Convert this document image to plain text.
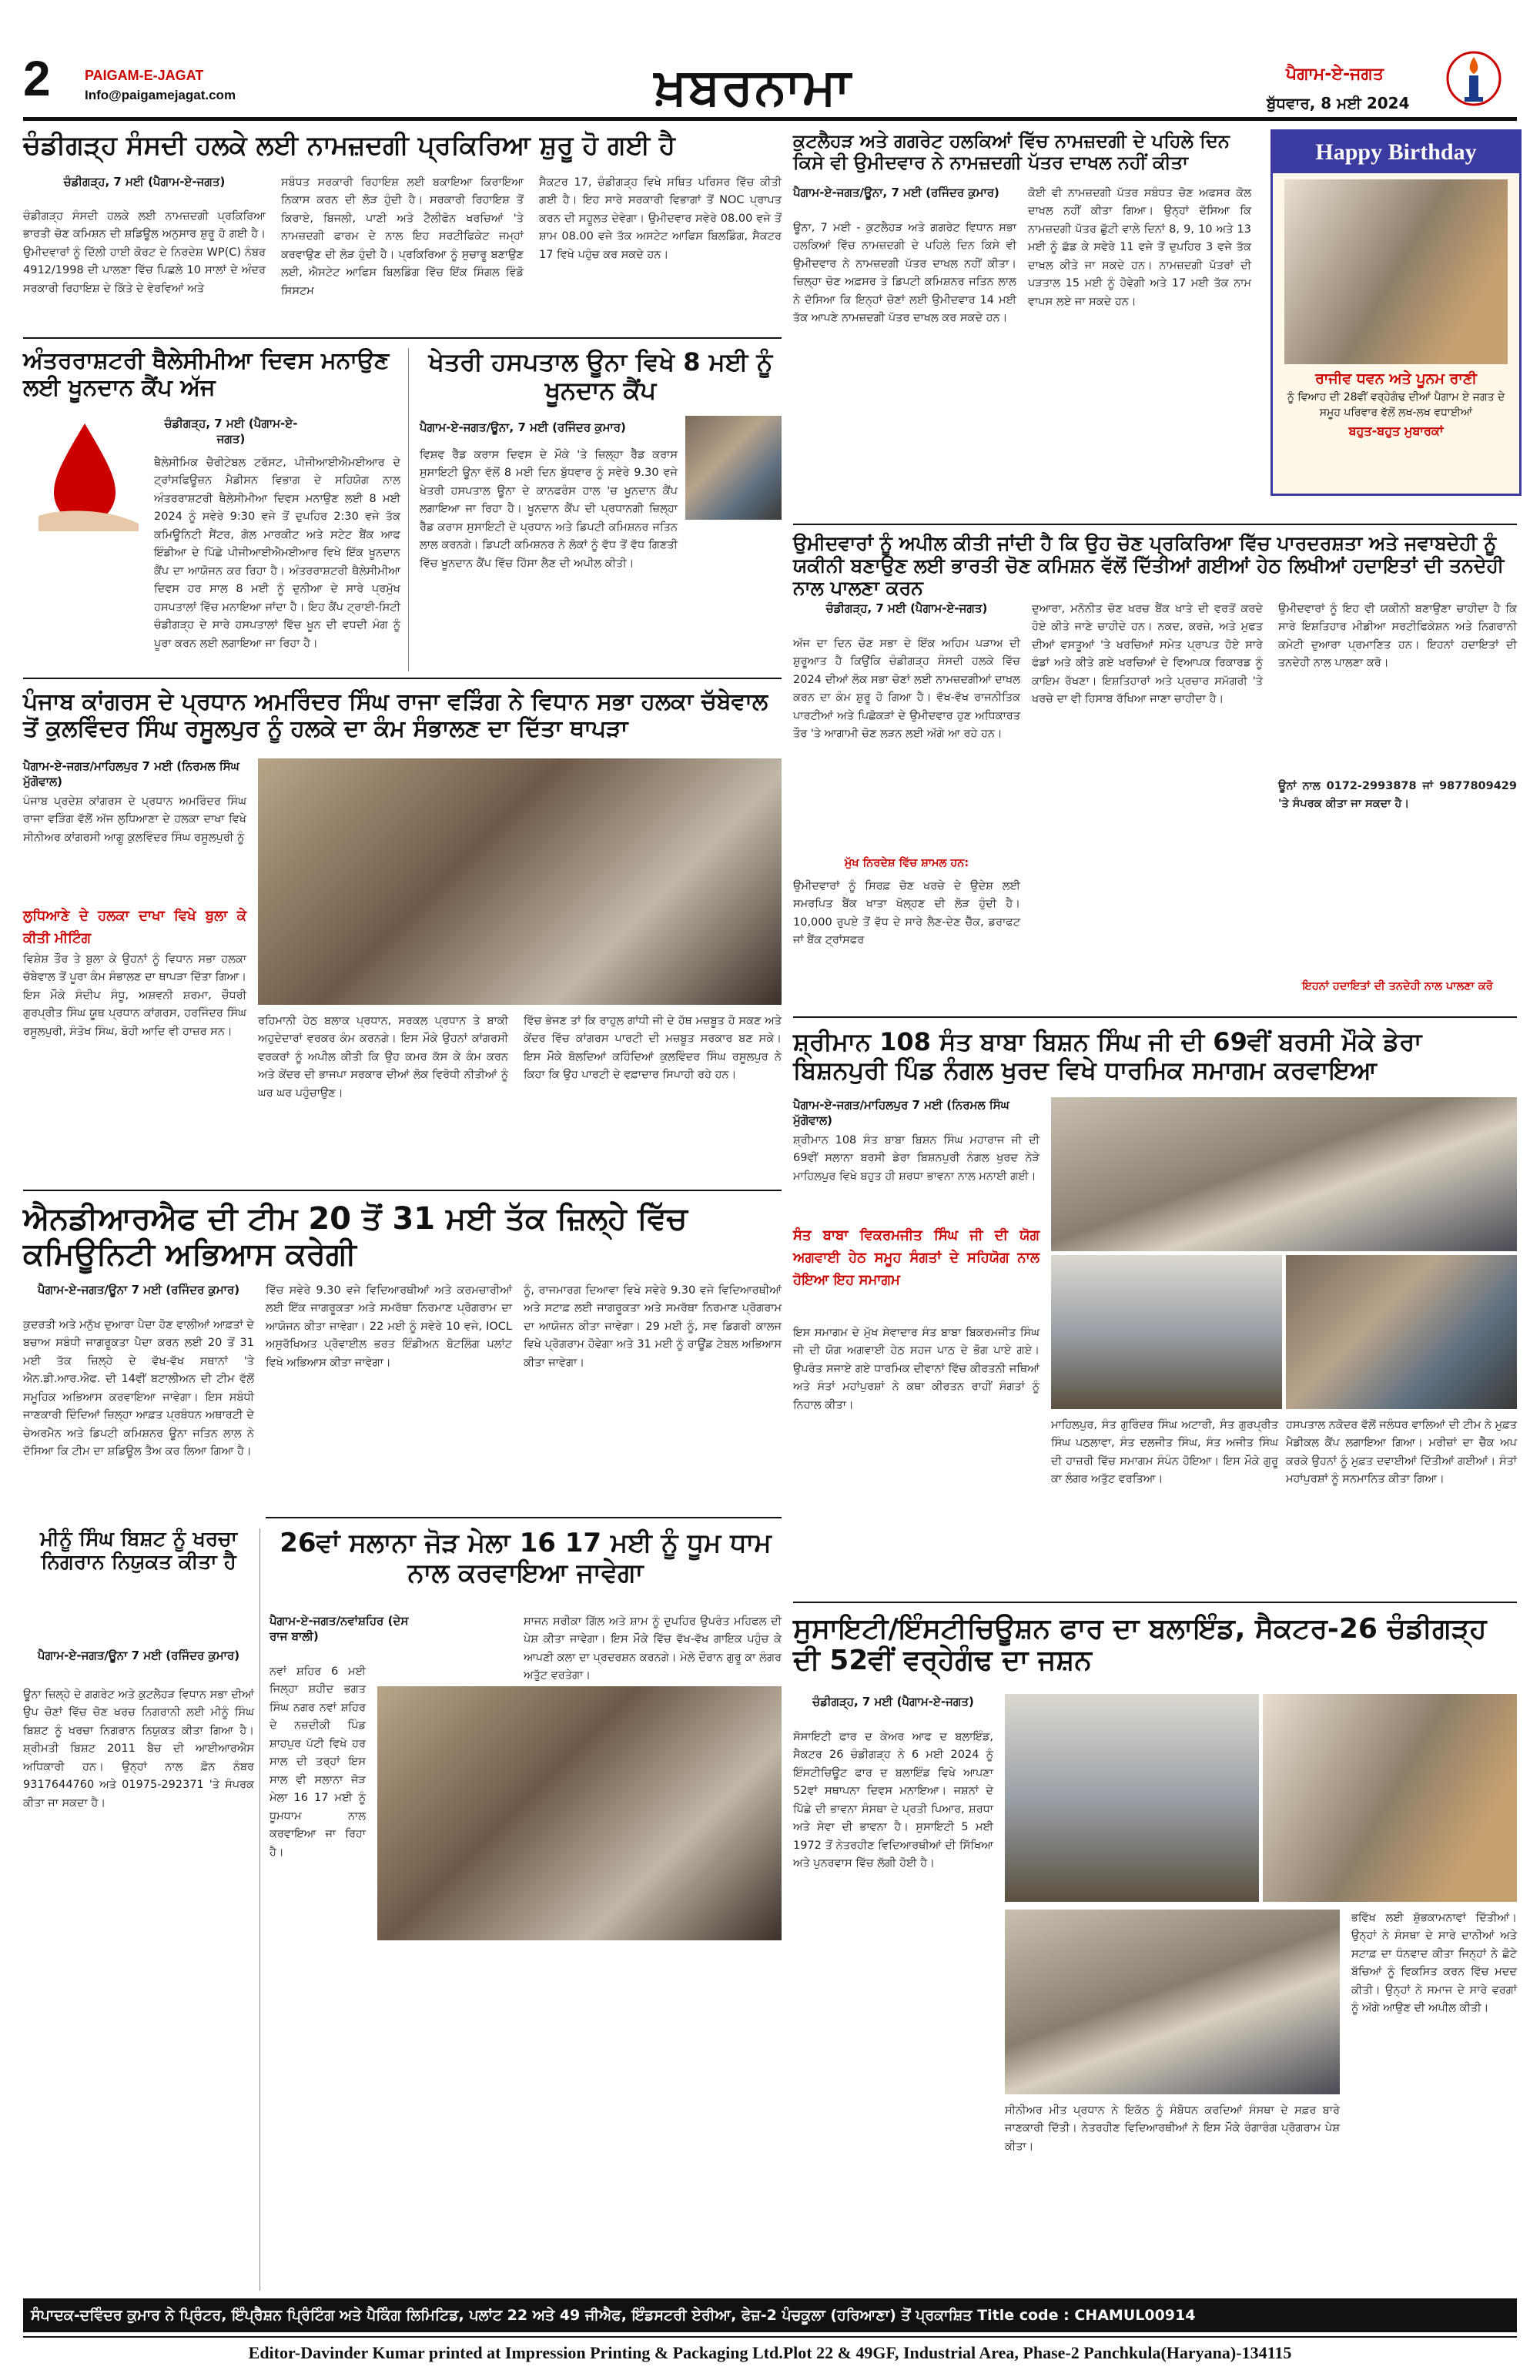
2 PAIGAM-E-JAGAT
Info@paigamejagat.com	ਖ਼ਬਰਨਾਮਾ	ਪੈਗਾਮ-ਏ-ਜਗਤ
ਬੁੱਧਵਾਰ, 8 ਮਈ 2024
ਚੰਡੀਗੜ੍ਹ ਸੰਸਦੀ ਹਲਕੇ ਲਈ ਨਾਮਜ਼ਦਗੀ ਪ੍ਰਕਿਰਿਆ ਸ਼ੁਰੂ ਹੋ ਗਈ ਹੈ
ਚੰਡੀਗੜ੍ਹ, 7 ਮਈ (ਪੈਗਾਮ-ਏ-ਜਗਤ)
ਚੰਡੀਗੜ੍ਹ ਸੰਸਦੀ ਹਲਕੇ ਲਈ ਨਾਮਜ਼ਦਗੀ ਪ੍ਰਕਿਰਿਆ ਭਾਰਤੀ ਚੋਣ ਕਮਿਸ਼ਨ ਦੀ ਸ਼ਡਿਊਲ ਅਨੁਸਾਰ ਸ਼ੁਰੂ ਹੋ ਗਈ ਹੈ। ਉਮੀਦਵਾਰਾਂ ਨੂੰ ਦਿੱਲੀ ਹਾਈ ਕੋਰਟ ਦੇ ਨਿਰਦੇਸ਼ WP(C) ਨੰਬਰ 4912/1998 ਦੀ ਪਾਲਣਾ ਵਿੱਚ ਪਿਛਲੇ 10 ਸਾਲਾਂ ਦੇ ਅੰਦਰ ਸਰਕਾਰੀ ਰਿਹਾਇਸ਼ ਦੇ ਕਿੱਤੇ ਦੇ ਵੇਰਵਿਆਂ ਅਤੇ
ਸਬੰਧਤ ਸਰਕਾਰੀ ਰਿਹਾਇਸ਼ ਲਈ ਬਕਾਇਆ ਕਿਰਾਇਆ ਨਿਕਾਸ ਕਰਨ ਦੀ ਲੋੜ ਹੁੰਦੀ ਹੈ। ਸਰਕਾਰੀ ਰਿਹਾਇਸ਼ ਤੋਂ ਕਿਰਾਏ, ਬਿਜਲੀ, ਪਾਣੀ ਅਤੇ ਟੈਲੀਫੋਨ ਖਰਚਿਆਂ 'ਤੇ ਨਾਮਜ਼ਦਗੀ ਫਾਰਮ ਦੇ ਨਾਲ ਇਹ ਸਰਟੀਫਿਕੇਟ ਜਮ੍ਹਾਂ ਕਰਵਾਉਣ ਦੀ ਲੋੜ ਹੁੰਦੀ ਹੈ। ਪ੍ਰਕਿਰਿਆ ਨੂੰ ਸੁਚਾਰੂ ਬਣਾਉਣ ਲਈ, ਐਸਟੇਟ ਆਫਿਸ ਬਿਲਡਿੰਗ ਵਿੱਚ ਇੱਕ ਸਿੰਗਲ ਵਿੰਡੋ ਸਿਸਟਮ
ਸੈਕਟਰ 17, ਚੰਡੀਗੜ੍ਹ ਵਿਖੇ ਸਥਿਤ ਪਰਿਸਰ ਵਿੱਚ ਕੀਤੀ ਗਈ ਹੈ। ਇਹ ਸਾਰੇ ਸਰਕਾਰੀ ਵਿਭਾਗਾਂ ਤੋਂ NOC ਪ੍ਰਾਪਤ ਕਰਨ ਦੀ ਸਹੂਲਤ ਦੇਵੇਗਾ। ਉਮੀਦਵਾਰ ਸਵੇਰੇ 08.00 ਵਜੇ ਤੋਂ ਸ਼ਾਮ 08.00 ਵਜੇ ਤੱਕ ਅਸਟੇਟ ਆਫਿਸ ਬਿਲਡਿੰਗ, ਸੈਕਟਰ 17 ਵਿਖੇ ਪਹੁੰਚ ਕਰ ਸਕਦੇ ਹਨ।
ਅੰਤਰਰਾਸ਼ਟਰੀ ਥੈਲੇਸੀਮੀਆ ਦਿਵਸ ਮਨਾਉਣ ਲਈ ਖੂਨਦਾਨ ਕੈਂਪ ਅੱਜ
ਚੰਡੀਗੜ੍ਹ, 7 ਮਈ (ਪੈਗਾਮ-ਏ-ਜਗਤ)
ਥੈਲੇਸੀਮਿਕ ਚੈਰੀਟੇਬਲ ਟਰੱਸਟ, ਪੀਜੀਆਈਐਮਈਆਰ ਦੇ ਟ੍ਰਾਂਸਫਿਊਜ਼ਨ ਮੈਡੀਸਨ ਵਿਭਾਗ ਦੇ ਸਹਿਯੋਗ ਨਾਲ ਅੰਤਰਰਾਸ਼ਟਰੀ ਥੈਲੇਸੀਮੀਆ ਦਿਵਸ ਮਨਾਉਣ ਲਈ 8 ਮਈ 2024 ਨੂੰ ਸਵੇਰੇ 9:30 ਵਜੇ ਤੋਂ ਦੁਪਹਿਰ 2:30 ਵਜੇ ਤੱਕ ਕਮਿਊਨਿਟੀ ਸੈਂਟਰ, ਗੋਲ ਮਾਰਕੀਟ ਅਤੇ ਸਟੇਟ ਬੈਂਕ ਆਫ ਇੰਡੀਆ ਦੇ ਪਿੱਛੇ ਪੀਜੀਆਈਐਮਈਆਰ ਵਿਖੇ ਇੱਕ ਖੂਨਦਾਨ ਕੈਂਪ ਦਾ ਆਯੋਜਨ ਕਰ ਰਿਹਾ ਹੈ। ਅੰਤਰਰਾਸ਼ਟਰੀ ਥੈਲੇਸੀਮੀਆ ਦਿਵਸ ਹਰ ਸਾਲ 8 ਮਈ ਨੂੰ ਦੁਨੀਆ ਦੇ ਸਾਰੇ ਪ੍ਰਮੁੱਖ ਹਸਪਤਾਲਾਂ ਵਿੱਚ ਮਨਾਇਆ ਜਾਂਦਾ ਹੈ। ਇਹ ਕੈਂਪ ਟ੍ਰਾਈ-ਸਿਟੀ ਚੰਡੀਗੜ੍ਹ ਦੇ ਸਾਰੇ ਹਸਪਤਾਲਾਂ ਵਿੱਚ ਖੂਨ ਦੀ ਵਧਦੀ ਮੰਗ ਨੂੰ ਪੂਰਾ ਕਰਨ ਲਈ ਲਗਾਇਆ ਜਾ ਰਿਹਾ ਹੈ।
ਖੇਤਰੀ ਹਸਪਤਾਲ ਊਨਾ ਵਿਖੇ 8 ਮਈ ਨੂੰ ਖੂਨਦਾਨ ਕੈਂਪ
ਪੈਗਾਮ-ਏ-ਜਗਤ/ਊਨਾ, 7 ਮਈ (ਰਜਿੰਦਰ ਕੁਮਾਰ)
ਵਿਸ਼ਵ ਰੈੱਡ ਕਰਾਸ ਦਿਵਸ ਦੇ ਮੌਕੇ 'ਤੇ ਜ਼ਿਲ੍ਹਾ ਰੈੱਡ ਕਰਾਸ ਸੁਸਾਇਟੀ ਊਨਾ ਵੱਲੋਂ 8 ਮਈ ਦਿਨ ਬੁੱਧਵਾਰ ਨੂੰ ਸਵੇਰੇ 9.30 ਵਜੇ ਖੇਤਰੀ ਹਸਪਤਾਲ ਊਨਾ ਦੇ ਕਾਨਫਰੰਸ ਹਾਲ 'ਚ ਖੂਨਦਾਨ ਕੈਂਪ ਲਗਾਇਆ ਜਾ ਰਿਹਾ ਹੈ। ਖੂਨਦਾਨ ਕੈਂਪ ਦੀ ਪ੍ਰਧਾਨਗੀ ਜ਼ਿਲ੍ਹਾ ਰੈੱਡ ਕਰਾਸ ਸੁਸਾਇਟੀ ਦੇ ਪ੍ਰਧਾਨ ਅਤੇ ਡਿਪਟੀ ਕਮਿਸ਼ਨਰ ਜਤਿਨ ਲਾਲ ਕਰਨਗੇ। ਡਿਪਟੀ ਕਮਿਸ਼ਨਰ ਨੇ ਲੋਕਾਂ ਨੂੰ ਵੱਧ ਤੋਂ ਵੱਧ ਗਿਣਤੀ ਵਿੱਚ ਖੂਨਦਾਨ ਕੈਂਪ ਵਿੱਚ ਹਿੱਸਾ ਲੈਣ ਦੀ ਅਪੀਲ ਕੀਤੀ।
ਕੁਟਲੈਹੜ ਅਤੇ ਗਗਰੇਟ ਹਲਕਿਆਂ ਵਿੱਚ ਨਾਮਜ਼ਦਗੀ ਦੇ ਪਹਿਲੇ ਦਿਨ ਕਿਸੇ ਵੀ ਉਮੀਦਵਾਰ ਨੇ ਨਾਮਜ਼ਦਗੀ ਪੱਤਰ ਦਾਖਲ ਨਹੀਂ ਕੀਤਾ
ਪੈਗਾਮ-ਏ-ਜਗਤ/ਊਨਾ, 7 ਮਈ (ਰਜਿੰਦਰ ਕੁਮਾਰ)
ਊਨਾ, 7 ਮਈ - ਕੁਟਲੈਹੜ ਅਤੇ ਗਗਰੇਟ ਵਿਧਾਨ ਸਭਾ ਹਲਕਿਆਂ ਵਿੱਚ ਨਾਮਜ਼ਦਗੀ ਦੇ ਪਹਿਲੇ ਦਿਨ ਕਿਸੇ ਵੀ ਉਮੀਦਵਾਰ ਨੇ ਨਾਮਜ਼ਦਗੀ ਪੱਤਰ ਦਾਖਲ ਨਹੀਂ ਕੀਤਾ। ਜ਼ਿਲ੍ਹਾ ਚੋਣ ਅਫ਼ਸਰ ਤੇ ਡਿਪਟੀ ਕਮਿਸ਼ਨਰ ਜਤਿਨ ਲਾਲ ਨੇ ਦੱਸਿਆ ਕਿ ਇਨ੍ਹਾਂ ਚੋਣਾਂ ਲਈ ਉਮੀਦਵਾਰ 14 ਮਈ ਤੱਕ ਆਪਣੇ ਨਾਮਜ਼ਦਗੀ ਪੱਤਰ ਦਾਖਲ ਕਰ ਸਕਦੇ ਹਨ।
ਕੋਈ ਵੀ ਨਾਮਜ਼ਦਗੀ ਪੱਤਰ ਸਬੰਧਤ ਚੋਣ ਅਫਸਰ ਕੋਲ ਦਾਖਲ ਨਹੀਂ ਕੀਤਾ ਗਿਆ। ਉਨ੍ਹਾਂ ਦੱਸਿਆ ਕਿ ਨਾਮਜ਼ਦਗੀ ਪੱਤਰ ਛੁੱਟੀ ਵਾਲੇ ਦਿਨਾਂ 8, 9, 10 ਅਤੇ 13 ਮਈ ਨੂੰ ਛੱਡ ਕੇ ਸਵੇਰੇ 11 ਵਜੇ ਤੋਂ ਦੁਪਹਿਰ 3 ਵਜੇ ਤੱਕ ਦਾਖਲ ਕੀਤੇ ਜਾ ਸਕਦੇ ਹਨ। ਨਾਮਜ਼ਦਗੀ ਪੱਤਰਾਂ ਦੀ ਪੜਤਾਲ 15 ਮਈ ਨੂੰ ਹੋਵੇਗੀ ਅਤੇ 17 ਮਈ ਤੱਕ ਨਾਮ ਵਾਪਸ ਲਏ ਜਾ ਸਕਦੇ ਹਨ।
Happy Birthday
ਰਾਜੀਵ ਧਵਨ ਅਤੇ ਪੂਨਮ ਰਾਣੀ
ਨੂੰ ਵਿਆਹ ਦੀ 28ਵੀਂ ਵਰ੍ਹੇਗੰਢ ਦੀਆਂ ਪੈਗਾਮ ਏ ਜਗਤ ਦੇ ਸਮੂਹ ਪਰਿਵਾਰ ਵੱਲੋਂ ਲਖ-ਲਖ ਵਧਾਈਆਂ
ਬਹੁਤ-ਬਹੁਤ ਮੁਬਾਰਕਾਂ
ਉਮੀਦਵਾਰਾਂ ਨੂੰ ਅਪੀਲ ਕੀਤੀ ਜਾਂਦੀ ਹੈ ਕਿ ਉਹ ਚੋਣ ਪ੍ਰਕਿਰਿਆ ਵਿੱਚ ਪਾਰਦਰਸ਼ਤਾ ਅਤੇ ਜਵਾਬਦੇਹੀ ਨੂੰ ਯਕੀਨੀ ਬਣਾਉਣ ਲਈ ਭਾਰਤੀ ਚੋਣ ਕਮਿਸ਼ਨ ਵੱਲੋਂ ਦਿੱਤੀਆਂ ਗਈਆਂ ਹੇਠ ਲਿਖੀਆਂ ਹਦਾਇਤਾਂ ਦੀ ਤਨਦੇਹੀ ਨਾਲ ਪਾਲਣਾ ਕਰਨ
ਚੰਡੀਗੜ੍ਹ, 7 ਮਈ (ਪੈਗਾਮ-ਏ-ਜਗਤ)
ਅੱਜ ਦਾ ਦਿਨ ਚੋਣ ਸਭਾ ਦੇ ਇੱਕ ਅਹਿਮ ਪੜਾਅ ਦੀ ਸ਼ੁਰੂਆਤ ਹੈ ਕਿਉਂਕਿ ਚੰਡੀਗੜ੍ਹ ਸੰਸਦੀ ਹਲਕੇ ਵਿੱਚ 2024 ਦੀਆਂ ਲੋਕ ਸਭਾ ਚੋਣਾਂ ਲਈ ਨਾਮਜ਼ਦਗੀਆਂ ਦਾਖਲ ਕਰਨ ਦਾ ਕੰਮ ਸ਼ੁਰੂ ਹੋ ਗਿਆ ਹੈ। ਵੱਖ-ਵੱਖ ਰਾਜਨੀਤਿਕ ਪਾਰਟੀਆਂ ਅਤੇ ਪਿਛੋਕੜਾਂ ਦੇ ਉਮੀਦਵਾਰ ਹੁਣ ਅਧਿਕਾਰਤ ਤੌਰ 'ਤੇ ਆਗਾਮੀ ਚੋਣ ਲੜਨ ਲਈ ਅੱਗੇ ਆ ਰਹੇ ਹਨ।
ਮੁੱਖ ਨਿਰਦੇਸ਼ ਵਿੱਚ ਸ਼ਾਮਲ ਹਨ:
ਉਮੀਦਵਾਰਾਂ ਨੂੰ ਸਿਰਫ਼ ਚੋਣ ਖਰਚੇ ਦੇ ਉਦੇਸ਼ ਲਈ ਸਮਰਪਿਤ ਬੈਂਕ ਖਾਤਾ ਖੋਲ੍ਹਣ ਦੀ ਲੋੜ ਹੁੰਦੀ ਹੈ। 10,000 ਰੁਪਏ ਤੋਂ ਵੱਧ ਦੇ ਸਾਰੇ ਲੈਣ-ਦੇਣ ਚੈੱਕ, ਡਰਾਫਟ ਜਾਂ ਬੈਂਕ ਟ੍ਰਾਂਸਫਰ
ਦੁਆਰਾ, ਮਨੋਨੀਤ ਚੋਣ ਖਰਚ ਬੈਂਕ ਖਾਤੇ ਦੀ ਵਰਤੋਂ ਕਰਦੇ ਹੋਏ ਕੀਤੇ ਜਾਣੇ ਚਾਹੀਦੇ ਹਨ। ਨਕਦ, ਕਰਜ਼ੇ, ਅਤੇ ਮੁਫਤ ਦੀਆਂ ਵਸਤੂਆਂ 'ਤੇ ਖਰਚਿਆਂ ਸਮੇਤ ਪ੍ਰਾਪਤ ਹੋਏ ਸਾਰੇ ਫੰਡਾਂ ਅਤੇ ਕੀਤੇ ਗਏ ਖਰਚਿਆਂ ਦੇ ਵਿਆਪਕ ਰਿਕਾਰਡ ਨੂੰ ਕਾਇਮ ਰੱਖਣਾ। ਇਸ਼ਤਿਹਾਰਾਂ ਅਤੇ ਪ੍ਰਚਾਰ ਸਮੱਗਰੀ 'ਤੇ ਖਰਚੇ ਦਾ ਵੀ ਹਿਸਾਬ ਰੱਖਿਆ ਜਾਣਾ ਚਾਹੀਦਾ ਹੈ।
ਉਮੀਦਵਾਰਾਂ ਨੂੰ ਇਹ ਵੀ ਯਕੀਨੀ ਬਣਾਉਣਾ ਚਾਹੀਦਾ ਹੈ ਕਿ ਸਾਰੇ ਇਸ਼ਤਿਹਾਰ ਮੀਡੀਆ ਸਰਟੀਫਿਕੇਸ਼ਨ ਅਤੇ ਨਿਗਰਾਨੀ ਕਮੇਟੀ ਦੁਆਰਾ ਪ੍ਰਮਾਣਿਤ ਹਨ। ਇਹਨਾਂ ਹਦਾਇਤਾਂ ਦੀ ਤਨਦੇਹੀ ਨਾਲ ਪਾਲਣਾ ਕਰੋ।
ਊਨਾਂ ਨਾਲ 0172-2993878 ਜਾਂ 9877809429 'ਤੇ ਸੰਪਰਕ ਕੀਤਾ ਜਾ ਸਕਦਾ ਹੈ।
ਇਹਨਾਂ ਹਦਾਇਤਾਂ ਦੀ ਤਨਦੇਹੀ ਨਾਲ ਪਾਲਣਾ ਕਰੋ
ਪੰਜਾਬ ਕਾਂਗਰਸ ਦੇ ਪ੍ਰਧਾਨ ਅਮਰਿੰਦਰ ਸਿੰਘ ਰਾਜਾ ਵੜਿੰਗ ਨੇ ਵਿਧਾਨ ਸਭਾ ਹਲਕਾ ਚੱਬੇਵਾਲ ਤੋਂ ਕੁਲਵਿੰਦਰ ਸਿੰਘ ਰਸੂਲਪੁਰ ਨੂੰ ਹਲਕੇ ਦਾ ਕੰਮ ਸੰਭਾਲਣ ਦਾ ਦਿੱਤਾ ਥਾਪੜਾ
ਪੈਗਾਮ-ਏ-ਜਗਤ/ਮਾਹਿਲਪੁਰ 7 ਮਈ (ਨਿਰਮਲ ਸਿੰਘ ਮੁੱਗੋਵਾਲ)
ਪੰਜਾਬ ਪ੍ਰਦੇਸ਼ ਕਾਂਗਰਸ ਦੇ ਪ੍ਰਧਾਨ ਅਮਰਿੰਦਰ ਸਿੰਘ ਰਾਜਾ ਵੜਿੰਗ ਵੱਲੋਂ ਅੱਜ ਲੁਧਿਆਣਾ ਦੇ ਹਲਕਾ ਦਾਖਾ ਵਿਖੇ ਸੀਨੀਅਰ ਕਾਂਗਰਸੀ ਆਗੂ ਕੁਲਵਿੰਦਰ ਸਿੰਘ ਰਸੂਲਪੁਰੀ ਨੂੰ
ਲੁਧਿਆਣੇ ਦੇ ਹਲਕਾ ਦਾਖਾ ਵਿਖੇ ਬੁਲਾ ਕੇ ਕੀਤੀ ਮੀਟਿੰਗ
ਵਿਸ਼ੇਸ਼ ਤੌਰ ਤੇ ਬੁਲਾ ਕੇ ਉਹਨਾਂ ਨੂੰ ਵਿਧਾਨ ਸਭਾ ਹਲਕਾ ਚੱਬੇਵਾਲ ਤੋਂ ਪੂਰਾ ਕੰਮ ਸੰਭਾਲਣ ਦਾ ਥਾਪੜਾ ਦਿੱਤਾ ਗਿਆ। ਇਸ ਮੌਕੇ ਸੰਦੀਪ ਸੰਧੂ, ਅਸ਼ਵਨੀ ਸ਼ਰਮਾ, ਚੌਧਰੀ ਗੁਰਪ੍ਰੀਤ ਸਿੰਘ ਯੂਥ ਪ੍ਰਧਾਨ ਕਾਂਗਰਸ, ਹਰਜਿੰਦਰ ਸਿੰਘ ਰਸੂਲਪੁਰੀ, ਸੰਤੋਖ ਸਿੰਘ, ਬੋਹੀ ਆਦਿ ਵੀ ਹਾਜ਼ਰ ਸਨ।
ਰਹਿਮਾਨੀ ਹੇਠ ਬਲਾਕ ਪ੍ਰਧਾਨ, ਸਰਕਲ ਪ੍ਰਧਾਨ ਤੇ ਬਾਕੀ ਅਹੁਦੇਦਾਰਾਂ ਵਰਕਰ ਕੰਮ ਕਰਨਗੇ। ਇਸ ਮੌਕੇ ਉਹਨਾਂ ਕਾਂਗਰਸੀ ਵਰਕਰਾਂ ਨੂੰ ਅਪੀਲ ਕੀਤੀ ਕਿ ਉਹ ਕਮਰ ਕੱਸ ਕੇ ਕੰਮ ਕਰਨ ਅਤੇ ਕੇਂਦਰ ਦੀ ਭਾਜਪਾ ਸਰਕਾਰ ਦੀਆਂ ਲੋਕ ਵਿਰੋਧੀ ਨੀਤੀਆਂ ਨੂੰ ਘਰ ਘਰ ਪਹੁੰਚਾਉਣ।
ਵਿੱਚ ਭੇਜਣ ਤਾਂ ਕਿ ਰਾਹੁਲ ਗਾਂਧੀ ਜੀ ਦੇ ਹੱਥ ਮਜ਼ਬੂਤ ਹੋ ਸਕਣ ਅਤੇ ਕੇਂਦਰ ਵਿੱਚ ਕਾਂਗਰਸ ਪਾਰਟੀ ਦੀ ਮਜ਼ਬੂਤ ਸਰਕਾਰ ਬਣ ਸਕੇ। ਇਸ ਮੌਕੇ ਬੋਲਦਿਆਂ ਕਹਿੰਦਿਆਂ ਕੁਲਵਿੰਦਰ ਸਿੰਘ ਰਸੂਲਪੁਰ ਨੇ ਕਿਹਾ ਕਿ ਉਹ ਪਾਰਟੀ ਦੇ ਵਫ਼ਾਦਾਰ ਸਿਪਾਹੀ ਰਹੇ ਹਨ।
ਸ਼੍ਰੀਮਾਨ 108 ਸੰਤ ਬਾਬਾ ਬਿਸ਼ਨ ਸਿੰਘ ਜੀ ਦੀ 69ਵੀਂ ਬਰਸੀ ਮੌਕੇ ਡੇਰਾ ਬਿਸ਼ਨਪੁਰੀ ਪਿੰਡ ਨੰਗਲ ਖੁਰਦ ਵਿਖੇ ਧਾਰਮਿਕ ਸਮਾਗਮ ਕਰਵਾਇਆ
ਪੈਗਾਮ-ਏ-ਜਗਤ/ਮਾਹਿਲਪੁਰ 7 ਮਈ (ਨਿਰਮਲ ਸਿੰਘ ਮੁੱਗੋਵਾਲ)
ਸ਼੍ਰੀਮਾਨ 108 ਸੰਤ ਬਾਬਾ ਬਿਸ਼ਨ ਸਿੰਘ ਮਹਾਰਾਜ ਜੀ ਦੀ 69ਵੀਂ ਸਲਾਨਾ ਬਰਸੀ ਡੇਰਾ ਬਿਸ਼ਨਪੁਰੀ ਨੰਗਲ ਖੁਰਦ ਨੇੜੇ ਮਾਹਿਲਪੁਰ ਵਿਖੇ ਬਹੁਤ ਹੀ ਸ਼ਰਧਾ ਭਾਵਨਾ ਨਾਲ ਮਨਾਈ ਗਈ।
ਸੰਤ ਬਾਬਾ ਵਿਕਰਮਜੀਤ ਸਿੰਘ ਜੀ ਦੀ ਯੋਗ ਅਗਵਾਈ ਹੇਠ ਸਮੂਹ ਸੰਗਤਾਂ ਦੇ ਸਹਿਯੋਗ ਨਾਲ ਹੋਇਆ ਇਹ ਸਮਾਗਮ
ਇਸ ਸਮਾਗਮ ਦੇ ਮੁੱਖ ਸੇਵਾਦਾਰ ਸੰਤ ਬਾਬਾ ਬਿਕਰਮਜੀਤ ਸਿੰਘ ਜੀ ਦੀ ਯੋਗ ਅਗਵਾਈ ਹੇਠ ਸਹਜ ਪਾਠ ਦੇ ਭੋਗ ਪਾਏ ਗਏ। ਉਪਰੰਤ ਸਜਾਏ ਗਏ ਧਾਰਮਿਕ ਦੀਵਾਨਾਂ ਵਿੱਚ ਕੀਰਤਨੀ ਜਥਿਆਂ ਅਤੇ ਸੰਤਾਂ ਮਹਾਂਪੁਰਸ਼ਾਂ ਨੇ ਕਥਾ ਕੀਰਤਨ ਰਾਹੀਂ ਸੰਗਤਾਂ ਨੂੰ ਨਿਹਾਲ ਕੀਤਾ।
ਮਾਹਿਲਪੁਰ, ਸੰਤ ਗੁਰਿੰਦਰ ਸਿੰਘ ਅਟਾਰੀ, ਸੰਤ ਗੁਰਪ੍ਰੀਤ ਸਿੰਘ ਪਠਲਾਵਾ, ਸੰਤ ਦਲਜੀਤ ਸਿੰਘ, ਸੰਤ ਅਜੀਤ ਸਿੰਘ ਦੀ ਹਾਜ਼ਰੀ ਵਿੱਚ ਸਮਾਗਮ ਸੰਪੰਨ ਹੋਇਆ। ਇਸ ਮੌਕੇ ਗੁਰੂ ਕਾ ਲੰਗਰ ਅਤੁੱਟ ਵਰਤਿਆ।
ਹਸਪਤਾਲ ਨਕੋਦਰ ਵੱਲੋਂ ਜਲੰਧਰ ਵਾਲਿਆਂ ਦੀ ਟੀਮ ਨੇ ਮੁਫ਼ਤ ਮੈਡੀਕਲ ਕੈਂਪ ਲਗਾਇਆ ਗਿਆ। ਮਰੀਜ਼ਾਂ ਦਾ ਚੈੱਕ ਅਪ ਕਰਕੇ ਉਹਨਾਂ ਨੂੰ ਮੁਫ਼ਤ ਦਵਾਈਆਂ ਦਿੱਤੀਆਂ ਗਈਆਂ। ਸੰਤਾਂ ਮਹਾਂਪੁਰਸ਼ਾਂ ਨੂੰ ਸਨਮਾਨਿਤ ਕੀਤਾ ਗਿਆ।
ਐਨਡੀਆਰਐਫ ਦੀ ਟੀਮ 20 ਤੋਂ 31 ਮਈ ਤੱਕ ਜ਼ਿਲ੍ਹੇ ਵਿੱਚ ਕਮਿਊਨਿਟੀ ਅਭਿਆਸ ਕਰੇਗੀ
ਪੈਗਾਮ-ਏ-ਜਗਤ/ਊਨਾ 7 ਮਈ (ਰਜਿੰਦਰ ਕੁਮਾਰ)
ਕੁਦਰਤੀ ਅਤੇ ਮਨੁੱਖ ਦੁਆਰਾ ਪੈਦਾ ਹੋਣ ਵਾਲੀਆਂ ਆਫ਼ਤਾਂ ਦੇ ਬਚਾਅ ਸਬੰਧੀ ਜਾਗਰੂਕਤਾ ਪੈਦਾ ਕਰਨ ਲਈ 20 ਤੋਂ 31 ਮਈ ਤੱਕ ਜ਼ਿਲ੍ਹੇ ਦੇ ਵੱਖ-ਵੱਖ ਸਥਾਨਾਂ 'ਤੇ ਐਨ.ਡੀ.ਆਰ.ਐਫ. ਦੀ 14ਵੀਂ ਬਟਾਲੀਅਨ ਦੀ ਟੀਮ ਵੱਲੋਂ ਸਮੂਹਿਕ ਅਭਿਆਸ ਕਰਵਾਇਆ ਜਾਵੇਗਾ। ਇਸ ਸਬੰਧੀ ਜਾਣਕਾਰੀ ਦਿੰਦਿਆਂ ਜ਼ਿਲ੍ਹਾ ਆਫ਼ਤ ਪ੍ਰਬੰਧਨ ਅਥਾਰਟੀ ਦੇ ਚੇਅਰਮੈਨ ਅਤੇ ਡਿਪਟੀ ਕਮਿਸ਼ਨਰ ਊਨਾ ਜਤਿਨ ਲਾਲ ਨੇ ਦੱਸਿਆ ਕਿ ਟੀਮ ਦਾ ਸ਼ਡਿਊਲ ਤੈਅ ਕਰ ਲਿਆ ਗਿਆ ਹੈ।
ਵਿੱਚ ਸਵੇਰੇ 9.30 ਵਜੇ ਵਿਦਿਆਰਥੀਆਂ ਅਤੇ ਕਰਮਚਾਰੀਆਂ ਲਈ ਇੱਕ ਜਾਗਰੂਕਤਾ ਅਤੇ ਸਮਰੱਥਾ ਨਿਰਮਾਣ ਪ੍ਰੋਗਰਾਮ ਦਾ ਆਯੋਜਨ ਕੀਤਾ ਜਾਵੇਗਾ। 22 ਮਈ ਨੂੰ ਸਵੇਰੇ 10 ਵਜੇ, IOCL ਅਸੁਰੱਖਿਅਤ ਪ੍ਰੋਵਾਈਲ ਭਰਤ ਇੰਡੀਅਨ ਬੋਟਲਿੰਗ ਪਲਾਂਟ ਵਿਖੇ ਅਭਿਆਸ ਕੀਤਾ ਜਾਵੇਗਾ।
ਨੂੰ, ਰਾਜਮਾਰਗ ਦਿਆਵਾ ਵਿਖੇ ਸਵੇਰੇ 9.30 ਵਜੇ ਵਿਦਿਆਰਥੀਆਂ ਅਤੇ ਸਟਾਫ਼ ਲਈ ਜਾਗਰੂਕਤਾ ਅਤੇ ਸਮਰੱਥਾ ਨਿਰਮਾਣ ਪ੍ਰੋਗਰਾਮ ਦਾ ਆਯੋਜਨ ਕੀਤਾ ਜਾਵੇਗਾ। 29 ਮਈ ਨੂੰ, ਸਵ ਡਿਗਰੀ ਕਾਲਜ ਵਿਖੇ ਪ੍ਰੋਗਰਾਮ ਹੋਵੇਗਾ ਅਤੇ 31 ਮਈ ਨੂੰ ਰਾਊਂਡ ਟੇਬਲ ਅਭਿਆਸ ਕੀਤਾ ਜਾਵੇਗਾ।
ਮੀਨੂੰ ਸਿੰਘ ਬਿਸ਼ਟ ਨੂੰ ਖਰਚਾ ਨਿਗਰਾਨ ਨਿਯੁਕਤ ਕੀਤਾ ਹੈ
ਪੈਗਾਮ-ਏ-ਜਗਤ/ਊਨਾ 7 ਮਈ (ਰਜਿੰਦਰ ਕੁਮਾਰ)
ਊਨਾ ਜ਼ਿਲ੍ਹੇ ਦੇ ਗਗਰੇਟ ਅਤੇ ਕੁਟਲੈਹੜ ਵਿਧਾਨ ਸਭਾ ਦੀਆਂ ਉਪ ਚੋਣਾਂ ਵਿੱਚ ਚੋਣ ਖਰਚ ਨਿਗਰਾਨੀ ਲਈ ਮੀਨੂੰ ਸਿੰਘ ਬਿਸ਼ਟ ਨੂੰ ਖਰਚਾ ਨਿਗਰਾਨ ਨਿਯੁਕਤ ਕੀਤਾ ਗਿਆ ਹੈ। ਸ਼੍ਰੀਮਤੀ ਬਿਸ਼ਟ 2011 ਬੈਚ ਦੀ ਆਈਆਰਐਸ ਅਧਿਕਾਰੀ ਹਨ। ਉਨ੍ਹਾਂ ਨਾਲ ਫ਼ੋਨ ਨੰਬਰ 9317644760 ਅਤੇ 01975-292371 'ਤੇ ਸੰਪਰਕ ਕੀਤਾ ਜਾ ਸਕਦਾ ਹੈ।
26ਵਾਂ ਸਲਾਨਾ ਜੋੜ ਮੇਲਾ 16 17 ਮਈ ਨੂੰ ਧੂਮ ਧਾਮ ਨਾਲ ਕਰਵਾਇਆ ਜਾਵੇਗਾ
ਪੈਗਾਮ-ਏ-ਜਗਤ/ਨਵਾਂਸ਼ਹਿਰ (ਦੇਸ ਰਾਜ ਬਾਲੀ)
ਨਵਾਂ ਸ਼ਹਿਰ 6 ਮਈ ਜਿਲ੍ਹਾ ਸ਼ਹੀਦ ਭਗਤ ਸਿੰਘ ਨਗਰ ਨਵਾਂ ਸ਼ਹਿਰ ਦੇ ਨਜ਼ਦੀਕੀ ਪਿੰਡ ਸ਼ਾਹਪੁਰ ਪੱਟੀ ਵਿਖੇ ਹਰ ਸਾਲ ਦੀ ਤਰ੍ਹਾਂ ਇਸ ਸਾਲ ਵੀ ਸਲਾਨਾ ਜੋੜ ਮੇਲਾ 16 17 ਮਈ ਨੂੰ ਧੂਮਧਾਮ ਨਾਲ ਕਰਵਾਇਆ ਜਾ ਰਿਹਾ ਹੈ।
ਸਾਜਨ ਸਰੀਕਾ ਗਿੱਲ ਅਤੇ ਸ਼ਾਮ ਨੂੰ ਦੁਪਹਿਰ ਉਪਰੰਤ ਮਹਿਫਲ ਦੀ ਪੇਸ਼ ਕੀਤਾ ਜਾਵੇਗਾ। ਇਸ ਮੌਕੇ ਵਿੱਚ ਵੱਖ-ਵੱਖ ਗਾਇਕ ਪਹੁੰਚ ਕੇ ਆਪਣੀ ਕਲਾ ਦਾ ਪ੍ਰਦਰਸ਼ਨ ਕਰਨਗੇ। ਮੇਲੇ ਦੌਰਾਨ ਗੁਰੂ ਕਾ ਲੰਗਰ ਅਤੁੱਟ ਵਰਤੇਗਾ।
ਸੁਸਾਇਟੀ/ਇੰਸਟੀਚਿਊਸ਼ਨ ਫਾਰ ਦਾ ਬਲਾਇੰਡ, ਸੈਕਟਰ-26 ਚੰਡੀਗੜ੍ਹ ਦੀ 52ਵੀਂ ਵਰ੍ਹੇਗੰਢ ਦਾ ਜਸ਼ਨ
ਚੰਡੀਗੜ੍ਹ, 7 ਮਈ (ਪੈਗਾਮ-ਏ-ਜਗਤ)
ਸੋਸਾਇਟੀ ਫਾਰ ਦ ਕੇਅਰ ਆਫ ਦ ਬਲਾਇੰਡ, ਸੈਕਟਰ 26 ਚੰਡੀਗੜ੍ਹ ਨੇ 6 ਮਈ 2024 ਨੂੰ ਇੰਸਟੀਚਿਊਟ ਫਾਰ ਦ ਬਲਾਇੰਡ ਵਿਖੇ ਆਪਣਾ 52ਵਾਂ ਸਥਾਪਨਾ ਦਿਵਸ ਮਨਾਇਆ। ਜਸ਼ਨਾਂ ਦੇ ਪਿੱਛੇ ਦੀ ਭਾਵਨਾ ਸੰਸਥਾ ਦੇ ਪ੍ਰਤੀ ਪਿਆਰ, ਸ਼ਰਧਾ ਅਤੇ ਸੇਵਾ ਦੀ ਭਾਵਨਾ ਹੈ। ਸੁਸਾਇਟੀ 5 ਮਈ 1972 ਤੋਂ ਨੇਤਰਹੀਣ ਵਿਦਿਆਰਥੀਆਂ ਦੀ ਸਿੱਖਿਆ ਅਤੇ ਪੁਨਰਵਾਸ ਵਿੱਚ ਲੱਗੀ ਹੋਈ ਹੈ।
ਸੀਨੀਅਰ ਮੀਤ ਪ੍ਰਧਾਨ ਨੇ ਇਕੱਠ ਨੂੰ ਸੰਬੋਧਨ ਕਰਦਿਆਂ ਸੰਸਥਾ ਦੇ ਸਫ਼ਰ ਬਾਰੇ ਜਾਣਕਾਰੀ ਦਿੱਤੀ। ਨੇਤਰਹੀਣ ਵਿਦਿਆਰਥੀਆਂ ਨੇ ਇਸ ਮੌਕੇ ਰੰਗਾਰੰਗ ਪ੍ਰੋਗਰਾਮ ਪੇਸ਼ ਕੀਤਾ।
ਭਵਿੱਖ ਲਈ ਸ਼ੁੱਭਕਾਮਨਾਵਾਂ ਦਿੱਤੀਆਂ। ਉਨ੍ਹਾਂ ਨੇ ਸੰਸਥਾ ਦੇ ਸਾਰੇ ਦਾਨੀਆਂ ਅਤੇ ਸਟਾਫ਼ ਦਾ ਧੰਨਵਾਦ ਕੀਤਾ ਜਿਨ੍ਹਾਂ ਨੇ ਛੋਟੇ ਬੱਚਿਆਂ ਨੂੰ ਵਿਕਸਿਤ ਕਰਨ ਵਿੱਚ ਮਦਦ ਕੀਤੀ। ਉਨ੍ਹਾਂ ਨੇ ਸਮਾਜ ਦੇ ਸਾਰੇ ਵਰਗਾਂ ਨੂੰ ਅੱਗੇ ਆਉਣ ਦੀ ਅਪੀਲ ਕੀਤੀ।
ਸੰਪਾਦਕ-ਦਵਿੰਦਰ ਕੁਮਾਰ ਨੇ ਪ੍ਰਿੰਟਰ, ਇੰਪ੍ਰੈਸ਼ਨ ਪ੍ਰਿੰਟਿੰਗ ਅਤੇ ਪੈਕਿੰਗ ਲਿਮਿਟਿਡ, ਪਲਾਂਟ 22 ਅਤੇ 49 ਜੀਐਫ, ਇੰਡਸਟਰੀ ਏਰੀਆ, ਫੇਜ਼-2 ਪੰਚਕੂਲਾ (ਹਰਿਆਣਾ) ਤੋਂ ਪ੍ਰਕਾਸ਼ਿਤ Title code : CHAMUL00914
Editor-Davinder Kumar printed at Impression Printing & Packaging Ltd.Plot 22 & 49GF, Industrial Area, Phase-2 Panchkula(Haryana)-134115
